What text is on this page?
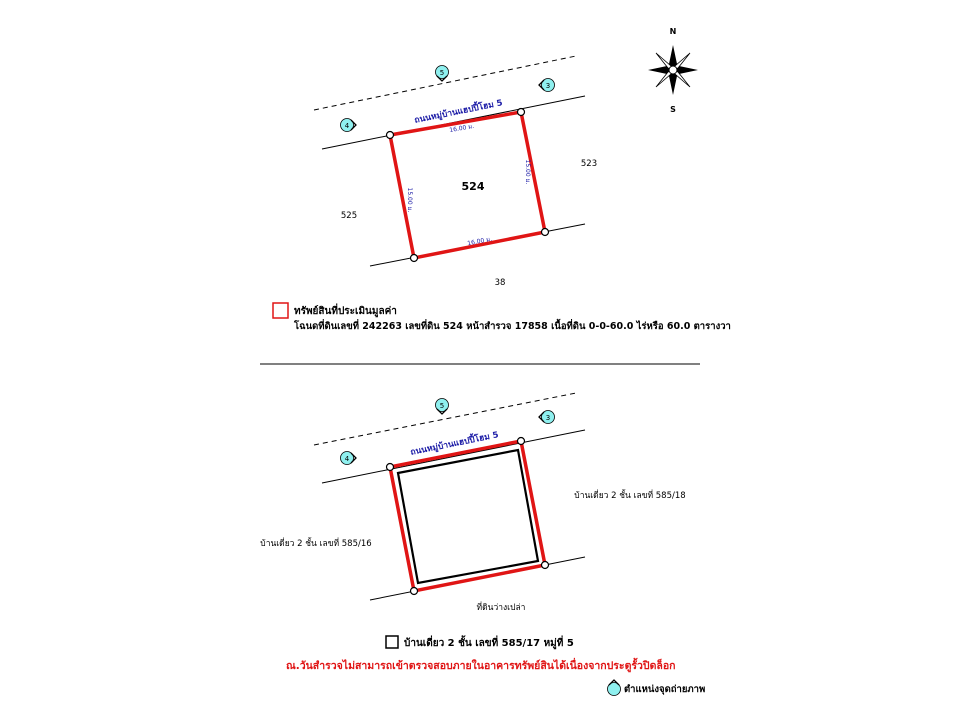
N
S
ถนนหมู่บ้านแฮปปี้โฮม 5
16.00 ม.
15.00 ม.
15.00 ม.
16.00 ม.
524
523
525
38
5
3
4
ถนนหมู่บ้านแฮปปี้โฮม 5
บ้านเดี่ยว 2 ชั้น เลขที่ 585/18
บ้านเดี่ยว 2 ชั้น เลขที่ 585/16
ที่ดินว่างเปล่า
5
3
4
ทรัพย์สินที่ประเมินมูลค่า
โฉนดที่ดินเลขที่ 242263 เลขที่ดิน 524 หน้าสำรวจ 17858 เนื้อที่ดิน 0-0-60.0 ไร่หรือ 60.0 ตารางวา
บ้านเดี่ยว 2 ชั้น เลขที่ 585/17 หมู่ที่ 5
ณ.วันสำรวจไม่สามารถเข้าตรวจสอบภายในอาคารทรัพย์สินได้เนื่องจากประตูรั้วปิดล็อก
ตำแหน่งจุดถ่ายภาพ
